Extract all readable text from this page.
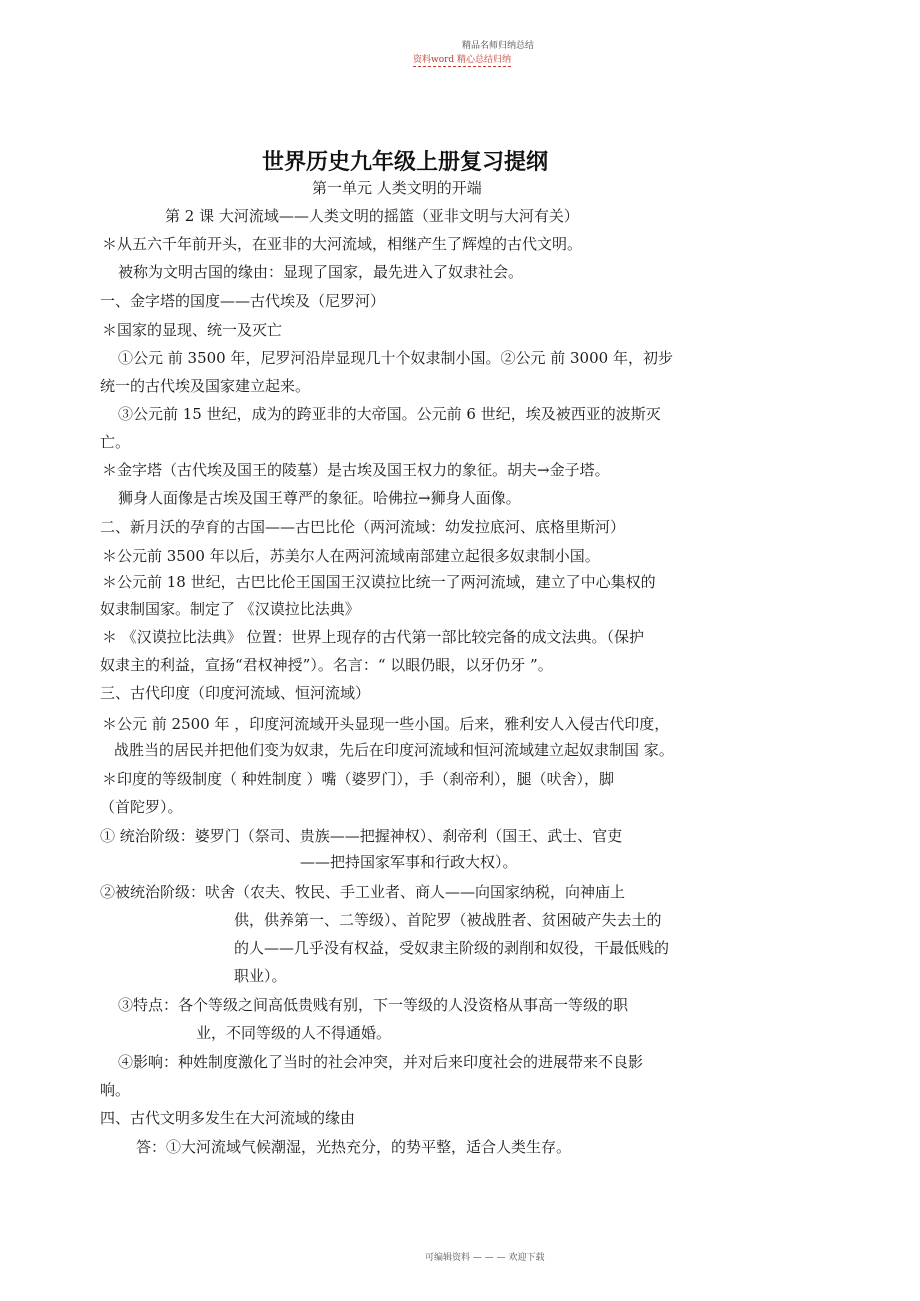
精品名师归纳总结
资料word 精心总结归纳
世界历史九年级上册复习提纲
第一单元 人类文明的开端
第 2 课 大河流域——人类文明的摇篮（亚非文明与大河有关）
＊从五六千年前开头，在亚非的大河流域，相继产生了辉煌的古代文明。
被称为文明古国的缘由：显现了国家，最先进入了奴隶社会。
一、金字塔的国度——古代埃及（尼罗河）
＊国家的显现、统一及灭亡
①公元 前 3500 年，尼罗河沿岸显现几十个奴隶制小国。②公元 前 3000 年，初步
统一的古代埃及国家建立起来。
③公元前 15 世纪，成为的跨亚非的大帝国。公元前 6 世纪，埃及被西亚的波斯灭
亡。
＊金字塔（古代埃及国王的陵墓）是古埃及国王权力的象征。胡夫→金子塔。
狮身人面像是古埃及国王尊严的象征。哈佛拉→狮身人面像。
二、新月沃的孕育的古国——古巴比伦（两河流域：幼发拉底河、底格里斯河）
＊公元前 3500 年以后，苏美尔人在两河流域南部建立起很多奴隶制小国。
＊公元前 18 世纪，古巴比伦王国国王汉谟拉比统一了两河流域，建立了中心集权的
奴隶制国家。制定了 《汉谟拉比法典》
＊ 《汉谟拉比法典》 位置：世界上现存的古代第一部比较完备的成文法典。（保护
奴隶主的利益，宣扬“君权神授”）。名言：“ 以眼仍眼，以牙仍牙 ”。
三、古代印度（印度河流域、恒河流域）
＊公元 前 2500 年 ，印度河流域开头显现一些小国。后来，雅利安人入侵古代印度，
战胜当的居民并把他们变为奴隶，先后在印度河流域和恒河流域建立起奴隶制国 家。
＊印度的等级制度（ 种姓制度 ）嘴（婆罗门），手（刹帝利），腿（吠舍），脚
（首陀罗）。
① 统治阶级：婆罗门（祭司、贵族——把握神权）、刹帝利（国王、武士、官吏
——把持国家军事和行政大权）。
②被统治阶级：吠舍（农夫、牧民、手工业者、商人——向国家纳税，向神庙上
供，供养第一、二等级）、首陀罗（被战胜者、贫困破产失去土的
的人——几乎没有权益，受奴隶主阶级的剥削和奴役，干最低贱的
职业）。
③特点：各个等级之间高低贵贱有别，下一等级的人没资格从事高一等级的职
业，不同等级的人不得通婚。
④影响：种姓制度激化了当时的社会冲突，并对后来印度社会的进展带来不良影
响。
四、古代文明多发生在大河流域的缘由
答：①大河流域气候潮湿，光热充分，的势平整，适合人类生存。
可编辑资料 — — — 欢迎下载
